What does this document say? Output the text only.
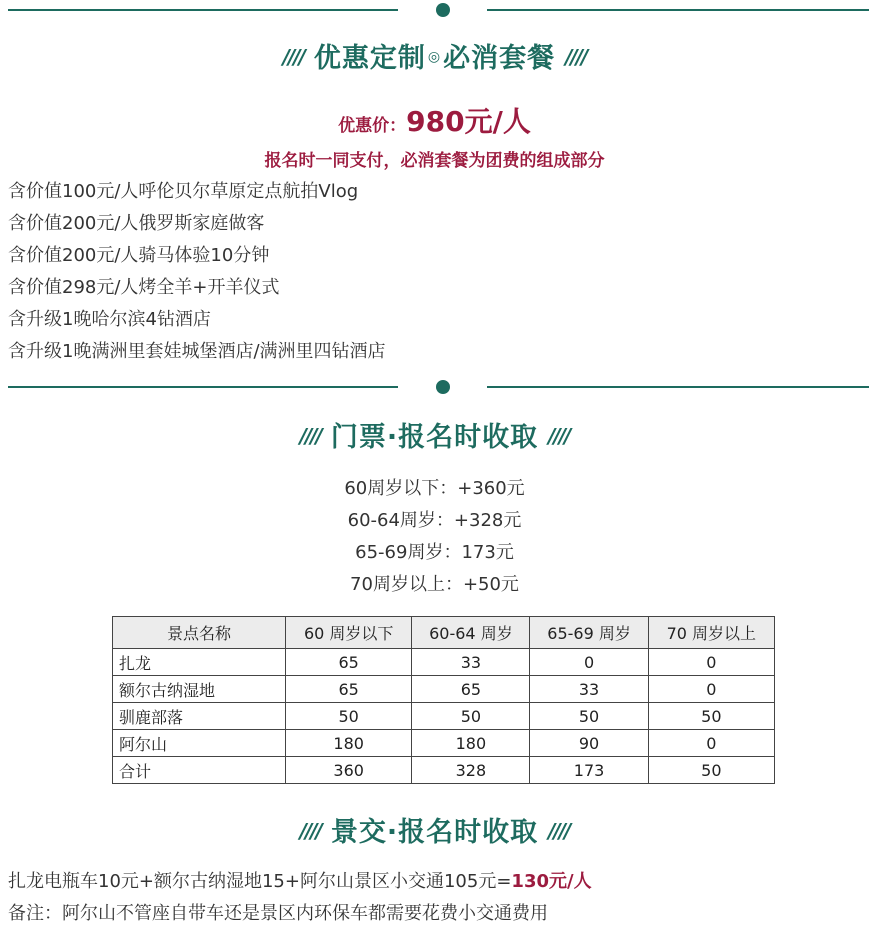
//// 优惠定制 ◎必消套餐 ////
优惠价：980元/人
报名时一同支付，必消套餐为团费的组成部分
含价值100元/人呼伦贝尔草原定点航拍Vlog
含价值200元/人俄罗斯家庭做客
含价值200元/人骑马体验10分钟
含价值298元/人烤全羊+开羊仪式
含升级1晚哈尔滨4钻酒店
含升级1晚满洲里套娃城堡酒店/满洲里四钻酒店
//// 门票·报名时收取 ////
60周岁以下：+360元
60-64周岁：+328元
65-69周岁：173元
70周岁以上：+50元
景点名称	60 周岁以下	60-64 周岁	65-69 周岁	70 周岁以上
扎龙	65	33	0	0
额尔古纳湿地	65	65	33	0
驯鹿部落	50	50	50	50
阿尔山	180	180	90	0
合计	360	328	173	50
//// 景交·报名时收取 ////
扎龙电瓶车10元+额尔古纳湿地15+阿尔山景区小交通105元=130元/人
备注：阿尔山不管座自带车还是景区内环保车都需要花费小交通费用
